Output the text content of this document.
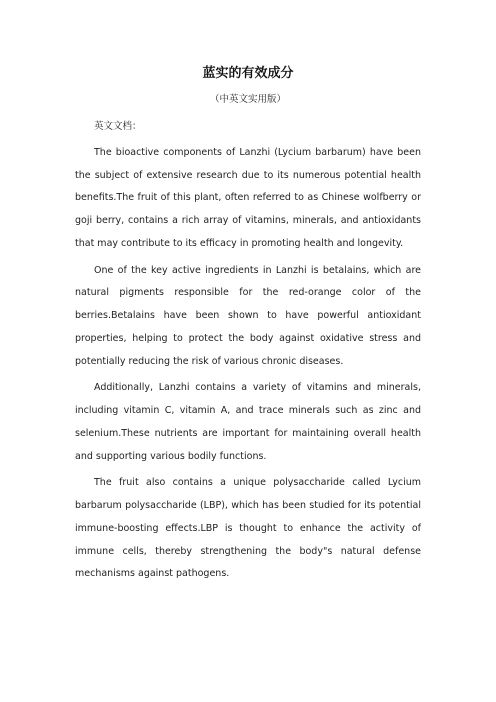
蓝实的有效成分
（中英文实用版）
英文文档：

The bioactive components of Lanzhi (Lycium barbarum) have been the subject of extensive research due to its numerous potential health benefits.The fruit of this plant, often referred to as Chinese wolfberry or goji berry, contains a rich array of vitamins, minerals, and antioxidants that may contribute to its efficacy in promoting health and longevity.

One of the key active ingredients in Lanzhi is betalains, which are natural pigments responsible for the red-orange color of the berries.Betalains have been shown to have powerful antioxidant properties, helping to protect the body against oxidative stress and potentially reducing the risk of various chronic diseases.

Additionally, Lanzhi contains a variety of vitamins and minerals, including vitamin C, vitamin A, and trace minerals such as zinc and selenium.These nutrients are important for maintaining overall health and supporting various bodily functions.

The fruit also contains a unique polysaccharide called Lycium barbarum polysaccharide (LBP), which has been studied for its potential immune-boosting effects.LBP is thought to enhance the activity of immune cells, thereby strengthening the body"s natural defense mechanisms against pathogens.
